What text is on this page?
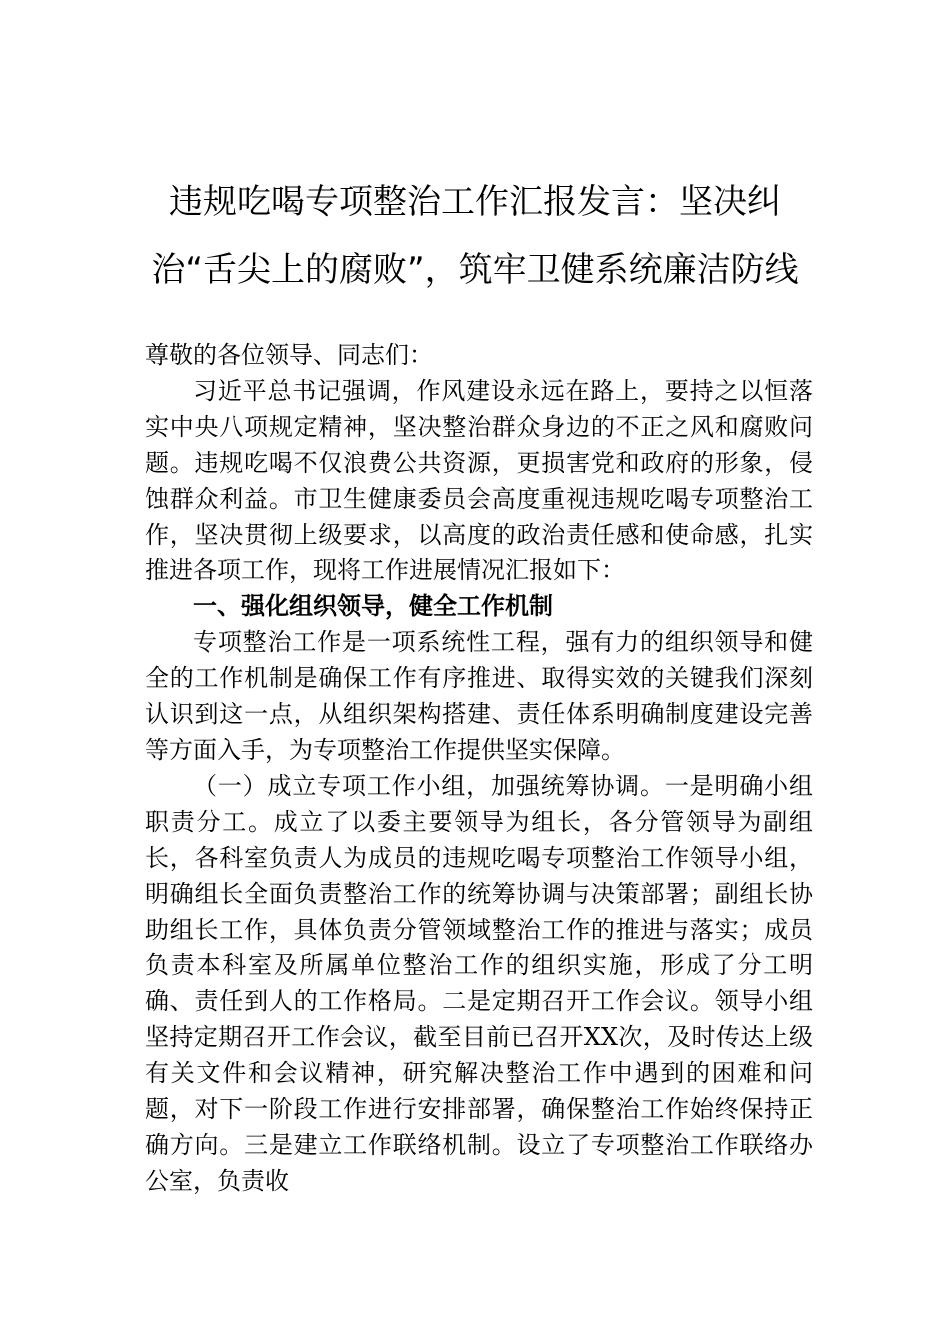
违规吃喝专项整治工作汇报发言：坚决纠治“舌尖上的腐败”，筑牢卫健系统廉洁防线

尊敬的各位领导、同志们：

习近平总书记强调，作风建设永远在路上，要持之以恒落实中央八项规定精神，坚决整治群众身边的不正之风和腐败问题。违规吃喝不仅浪费公共资源，更损害党和政府的形象，侵蚀群众利益。市卫生健康委员会高度重视违规吃喝专项整治工作，坚决贯彻上级要求，以高度的政治责任感和使命感，扎实推进各项工作，现将工作进展情况汇报如下：

一、强化组织领导，健全工作机制

专项整治工作是一项系统性工程，强有力的组织领导和健全的工作机制是确保工作有序推进、取得实效的关键我们深刻认识到这一点，从组织架构搭建、责任体系明确制度建设完善等方面入手，为专项整治工作提供坚实保障。

（一）成立专项工作小组，加强统筹协调。一是明确小组职责分工。成立了以委主要领导为组长，各分管领导为副组长，各科室负责人为成员的违规吃喝专项整治工作领导小组，明确组长全面负责整治工作的统筹协调与决策部署；副组长协助组长工作，具体负责分管领域整治工作的推进与落实；成员负责本科室及所属单位整治工作的组织实施，形成了分工明确、责任到人的工作格局。二是定期召开工作会议。领导小组坚持定期召开工作会议，截至目前已召开XX次，及时传达上级有关文件和会议精神，研究解决整治工作中遇到的困难和问题，对下一阶段工作进行安排部署，确保整治工作始终保持正确方向。三是建立工作联络机制。设立了专项整治工作联络办公室，负责收
